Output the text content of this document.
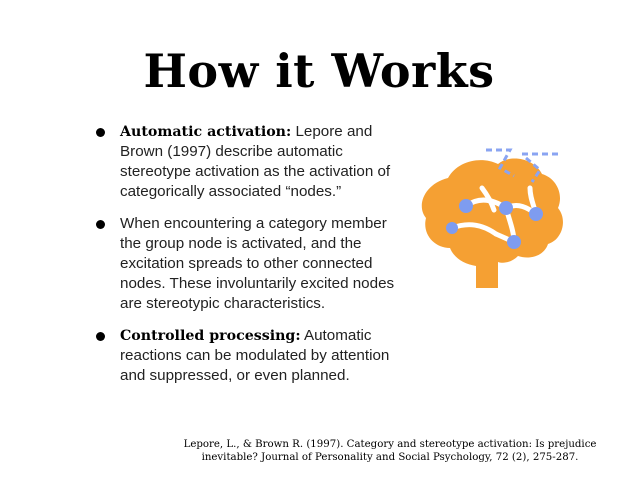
How it Works
Automatic activation: Lepore and Brown (1997) describe automatic stereotype activation as the activation of categorically associated “nodes.”
When encountering a category member the group node is activated, and the excitation spreads to other connected nodes. These involuntarily excited nodes are stereotypic characteristics.
Controlled processing: Automatic reactions can be modulated by attention and suppressed, or even planned.
Lepore, L., & Brown R. (1997). Category and stereotype activation: Is prejudice
inevitable? Journal of Personality and Social Psychology, 72 (2), 275-287.
